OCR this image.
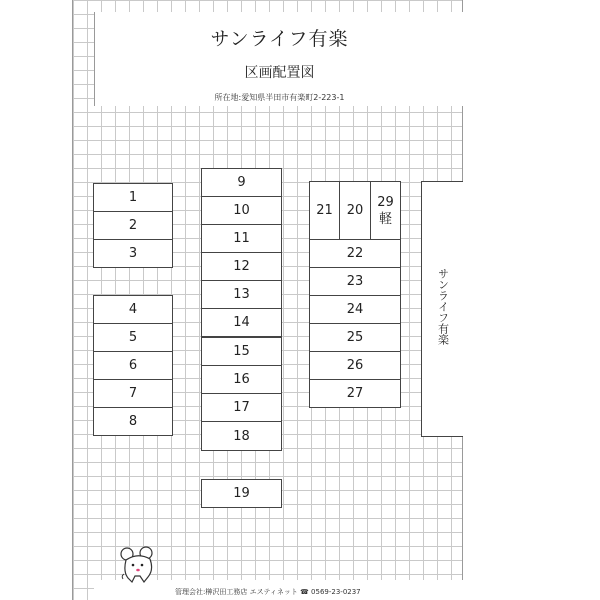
サンライフ有楽
区画配置図
所在地:愛知県半田市有楽町2-223-1
1
2
3
4
5
6
7
8
9
10
11
12
13
14
15
16
17
18
19
21 20
29
軽
22
23
24
25
26
27
サンライフ有楽
管理会社:榊沢田工務店 エスティネット ☎ 0569-23-0237
